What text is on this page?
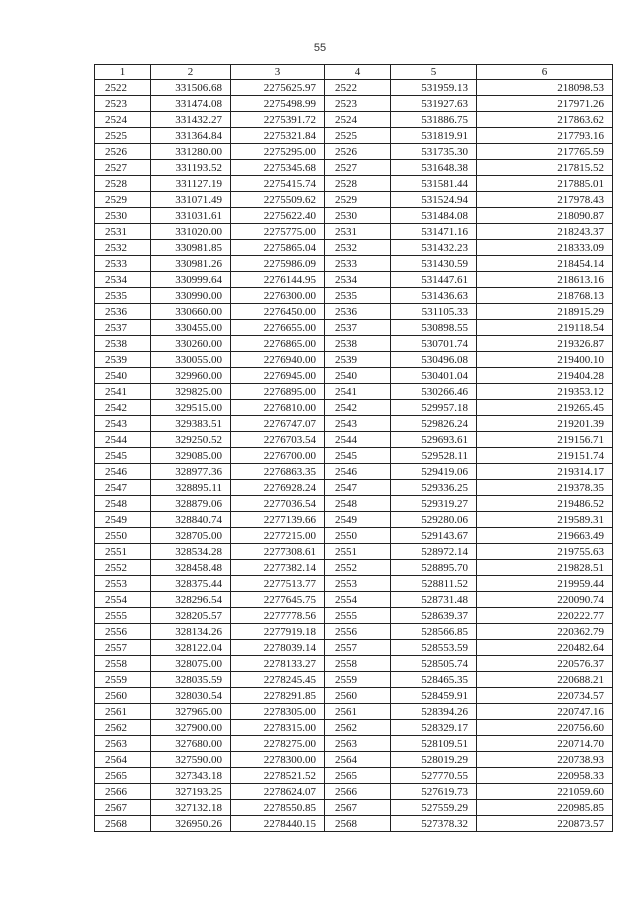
55
1	2	3	4	5	6
2522	331506.68	2275625.97	2522	531959.13	218098.53
2523	331474.08	2275498.99	2523	531927.63	217971.26
2524	331432.27	2275391.72	2524	531886.75	217863.62
2525	331364.84	2275321.84	2525	531819.91	217793.16
2526	331280.00	2275295.00	2526	531735.30	217765.59
2527	331193.52	2275345.68	2527	531648.38	217815.52
2528	331127.19	2275415.74	2528	531581.44	217885.01
2529	331071.49	2275509.62	2529	531524.94	217978.43
2530	331031.61	2275622.40	2530	531484.08	218090.87
2531	331020.00	2275775.00	2531	531471.16	218243.37
2532	330981.85	2275865.04	2532	531432.23	218333.09
2533	330981.26	2275986.09	2533	531430.59	218454.14
2534	330999.64	2276144.95	2534	531447.61	218613.16
2535	330990.00	2276300.00	2535	531436.63	218768.13
2536	330660.00	2276450.00	2536	531105.33	218915.29
2537	330455.00	2276655.00	2537	530898.55	219118.54
2538	330260.00	2276865.00	2538	530701.74	219326.87
2539	330055.00	2276940.00	2539	530496.08	219400.10
2540	329960.00	2276945.00	2540	530401.04	219404.28
2541	329825.00	2276895.00	2541	530266.46	219353.12
2542	329515.00	2276810.00	2542	529957.18	219265.45
2543	329383.51	2276747.07	2543	529826.24	219201.39
2544	329250.52	2276703.54	2544	529693.61	219156.71
2545	329085.00	2276700.00	2545	529528.11	219151.74
2546	328977.36	2276863.35	2546	529419.06	219314.17
2547	328895.11	2276928.24	2547	529336.25	219378.35
2548	328879.06	2277036.54	2548	529319.27	219486.52
2549	328840.74	2277139.66	2549	529280.06	219589.31
2550	328705.00	2277215.00	2550	529143.67	219663.49
2551	328534.28	2277308.61	2551	528972.14	219755.63
2552	328458.48	2277382.14	2552	528895.70	219828.51
2553	328375.44	2277513.77	2553	528811.52	219959.44
2554	328296.54	2277645.75	2554	528731.48	220090.74
2555	328205.57	2277778.56	2555	528639.37	220222.77
2556	328134.26	2277919.18	2556	528566.85	220362.79
2557	328122.04	2278039.14	2557	528553.59	220482.64
2558	328075.00	2278133.27	2558	528505.74	220576.37
2559	328035.59	2278245.45	2559	528465.35	220688.21
2560	328030.54	2278291.85	2560	528459.91	220734.57
2561	327965.00	2278305.00	2561	528394.26	220747.16
2562	327900.00	2278315.00	2562	528329.17	220756.60
2563	327680.00	2278275.00	2563	528109.51	220714.70
2564	327590.00	2278300.00	2564	528019.29	220738.93
2565	327343.18	2278521.52	2565	527770.55	220958.33
2566	327193.25	2278624.07	2566	527619.73	221059.60
2567	327132.18	2278550.85	2567	527559.29	220985.85
2568	326950.26	2278440.15	2568	527378.32	220873.57
